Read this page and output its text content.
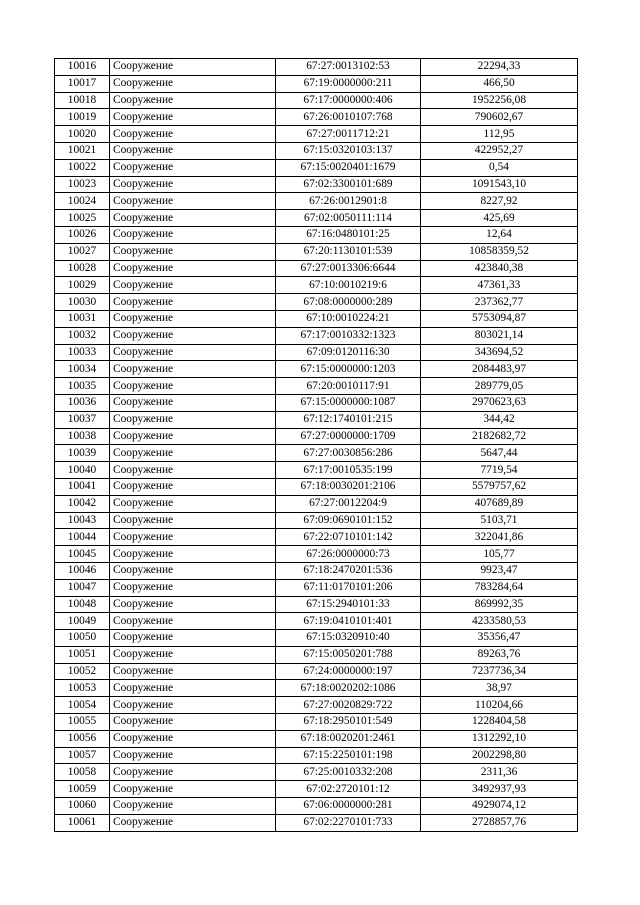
10016	Сооружение	67:27:0013102:53	22294,33
10017	Сооружение	67:19:0000000:211	466,50
10018	Сооружение	67:17:0000000:406	1952256,08
10019	Сооружение	67:26:0010107:768	790602,67
10020	Сооружение	67:27:0011712:21	112,95
10021	Сооружение	67:15:0320103:137	422952,27
10022	Сооружение	67:15:0020401:1679	0,54
10023	Сооружение	67:02:3300101:689	1091543,10
10024	Сооружение	67:26:0012901:8	8227,92
10025	Сооружение	67:02:0050111:114	425,69
10026	Сооружение	67:16:0480101:25	12,64
10027	Сооружение	67:20:1130101:539	10858359,52
10028	Сооружение	67:27:0013306:6644	423840,38
10029	Сооружение	67:10:0010219:6	47361,33
10030	Сооружение	67:08:0000000:289	237362,77
10031	Сооружение	67:10:0010224:21	5753094,87
10032	Сооружение	67:17:0010332:1323	803021,14
10033	Сооружение	67:09:0120116:30	343694,52
10034	Сооружение	67:15:0000000:1203	2084483,97
10035	Сооружение	67:20:0010117:91	289779,05
10036	Сооружение	67:15:0000000:1087	2970623,63
10037	Сооружение	67:12:1740101:215	344,42
10038	Сооружение	67:27:0000000:1709	2182682,72
10039	Сооружение	67:27:0030856:286	5647,44
10040	Сооружение	67:17:0010535:199	7719,54
10041	Сооружение	67:18:0030201:2106	5579757,62
10042	Сооружение	67:27:0012204:9	407689,89
10043	Сооружение	67:09:0690101:152	5103,71
10044	Сооружение	67:22:0710101:142	322041,86
10045	Сооружение	67:26:0000000:73	105,77
10046	Сооружение	67:18:2470201:536	9923,47
10047	Сооружение	67:11:0170101:206	783284,64
10048	Сооружение	67:15:2940101:33	869992,35
10049	Сооружение	67:19:0410101:401	4233580,53
10050	Сооружение	67:15:0320910:40	35356,47
10051	Сооружение	67:15:0050201:788	89263,76
10052	Сооружение	67:24:0000000:197	7237736,34
10053	Сооружение	67:18:0020202:1086	38,97
10054	Сооружение	67:27:0020829:722	110204,66
10055	Сооружение	67:18:2950101:549	1228404,58
10056	Сооружение	67:18:0020201:2461	1312292,10
10057	Сооружение	67:15:2250101:198	2002298,80
10058	Сооружение	67:25:0010332:208	2311,36
10059	Сооружение	67:02:2720101:12	3492937,93
10060	Сооружение	67:06:0000000:281	4929074,12
10061	Сооружение	67:02:2270101:733	2728857,76
